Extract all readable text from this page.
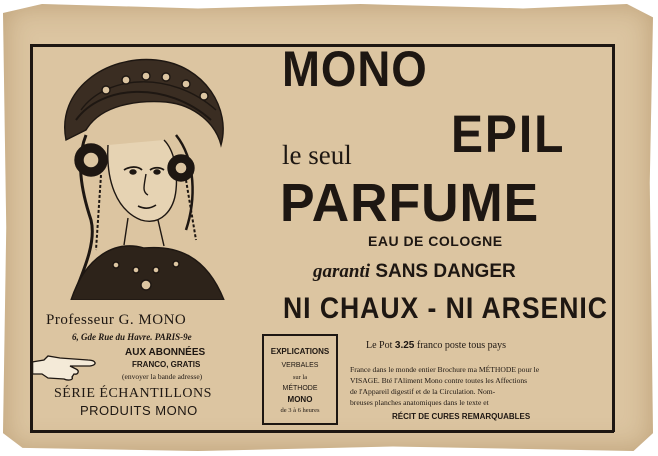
MONO
EPIL
le seul
PARFUME
EAU DE COLOGNE
garanti SANS DANGER
NI CHAUX - NI ARSENIC
Professeur G. MONO
6, Gde Rue du Havre. PARIS-9e
AUX ABONNÉES
FRANCO, GRATIS
(envoyer la bande adresse)
SÉRIE ÉCHANTILLONS
PRODUITS MONO
EXPLICATIONS
VERBALES
sur la
MÉTHODE
MONO
de 3 à 6 heures
Le Pot 3.25 franco poste tous pays
France dans le monde entier Brochure ma MÉTHODE pour le
VISAGE. Bté l'Aliment Mono contre toutes les Affections
de l'Appareil digestif et de la Circulation. Nom-
breuses planches anatomiques dans le texte et
RÉCIT DE CURES REMARQUABLES
